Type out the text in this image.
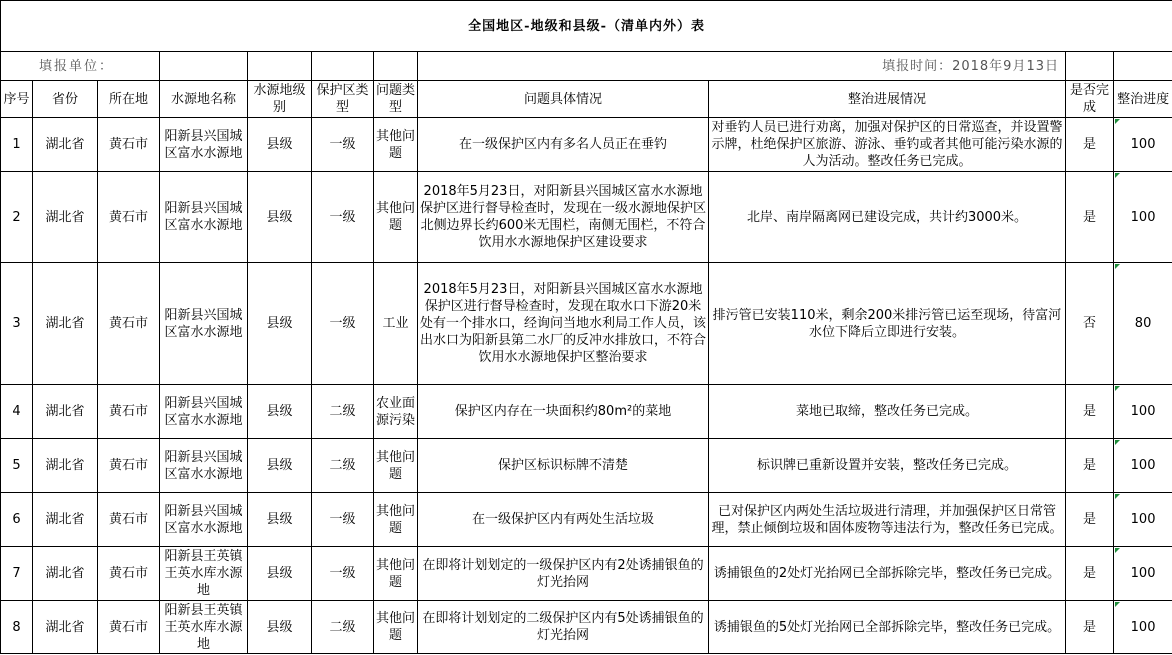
全国地区-地级和县级-（清单内外）表										
填报单位：							填报时间：2018年9月13日			
序号	省份	所在地	水源地名称	水源地级别	保护区类型	问题类型	问题具体情况	整治进展情况	是否完成	整治进度
1	湖北省	黄石市	阳新县兴国城区富水水源地	县级	一级	其他问题	在一级保护区内有多名人员正在垂钓	对垂钓人员已进行劝离，加强对保护区的日常巡查，并设置警示牌，杜绝保护区旅游、游泳、垂钓或者其他可能污染水源的人为活动。整改任务已完成。	是	100
2	湖北省	黄石市	阳新县兴国城区富水水源地	县级	一级	其他问题	2018年5月23日，对阳新县兴国城区富水水源地保护区进行督导检查时，发现在一级水源地保护区北侧边界长约600米无围栏，南侧无围栏，不符合饮用水水源地保护区建设要求	北岸、南岸隔离网已建设完成，共计约3000米。	是	100
3	湖北省	黄石市	阳新县兴国城区富水水源地	县级	一级	工业	2018年5月23日，对阳新县兴国城区富水水源地保护区进行督导检查时，发现在取水口下游20米处有一个排水口，经询问当地水利局工作人员，该出水口为阳新县第二水厂的反冲水排放口，不符合饮用水水源地保护区整治要求	排污管已安装110米，剩余200米排污管已运至现场，待富河水位下降后立即进行安装。	否	80
4	湖北省	黄石市	阳新县兴国城区富水水源地	县级	二级	农业面源污染	保护区内存在一块面积约80m²的菜地	菜地已取缔，整改任务已完成。	是	100
5	湖北省	黄石市	阳新县兴国城区富水水源地	县级	二级	其他问题	保护区标识标牌不清楚	标识牌已重新设置并安装，整改任务已完成。	是	100
6	湖北省	黄石市	阳新县兴国城区富水水源地	县级	一级	其他问题	在一级保护区内有两处生活垃圾	已对保护区内两处生活垃圾进行清理，并加强保护区日常管理，禁止倾倒垃圾和固体废物等违法行为，整改任务已完成。	是	100
7	湖北省	黄石市	阳新县王英镇王英水库水源地	县级	一级	其他问题	在即将计划划定的一级保护区内有2处诱捕银鱼的灯光抬网	诱捕银鱼的2处灯光抬网已全部拆除完毕，整改任务已完成。	是	100
8	湖北省	黄石市	阳新县王英镇王英水库水源地	县级	二级	其他问题	在即将计划划定的二级保护区内有5处诱捕银鱼的灯光抬网	诱捕银鱼的5处灯光抬网已全部拆除完毕，整改任务已完成。	是	100
